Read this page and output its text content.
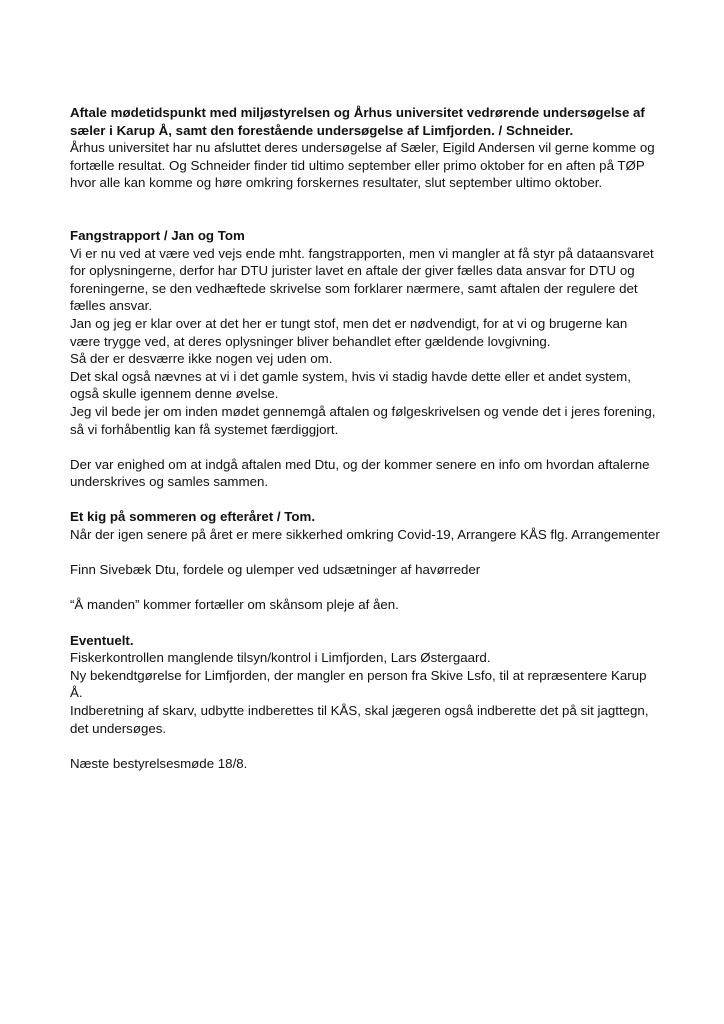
Aftale mødetidspunkt med miljøstyrelsen og Århus universitet vedrørende undersøgelse af sæler i Karup Å, samt den forestående undersøgelse af Limfjorden. / Schneider.

Århus universitet har nu afsluttet deres undersøgelse af Sæler, Eigild Andersen vil gerne komme og fortælle resultat. Og Schneider finder tid ultimo september eller primo oktober for en aften på TØP hvor alle kan komme og høre omkring forskernes resultater, slut september ultimo oktober.

Fangstrapport / Jan og Tom

Vi er nu ved at være ved vejs ende mht. fangstrapporten, men vi mangler at få styr på dataansvaret for oplysningerne, derfor har DTU jurister lavet en aftale der giver fælles data ansvar for DTU og foreningerne, se den vedhæftede skrivelse som forklarer nærmere, samt aftalen der regulere det fælles ansvar.

Jan og jeg er klar over at det her er tungt stof, men det er nødvendigt, for at vi og brugerne kan være trygge ved, at deres oplysninger bliver behandlet efter gældende lovgivning.

Så der er desværre ikke nogen vej uden om.

Det skal også nævnes at vi i det gamle system, hvis vi stadig havde dette eller et andet system, også skulle igennem denne øvelse.

Jeg vil bede jer om inden mødet gennemgå aftalen og følgeskrivelsen og vende det i jeres forening, så vi forhåbentlig kan få systemet færdiggjort.

Der var enighed om at indgå aftalen med Dtu, og der kommer senere en info om hvordan aftalerne underskrives og samles sammen.

Et kig på sommeren og efteråret / Tom.

Når der igen senere på året er mere sikkerhed omkring Covid-19, Arrangere KÅS flg. Arrangementer

Finn Sivebæk Dtu, fordele og ulemper ved udsætninger af havørreder

“Å manden” kommer fortæller om skånsom pleje af åen.

Eventuelt.

Fiskerkontrollen manglende tilsyn/kontrol i Limfjorden, Lars Østergaard.

Ny bekendtgørelse for Limfjorden, der mangler en person fra Skive Lsfo, til at repræsentere Karup Å.

Indberetning af skarv, udbytte indberettes til KÅS, skal jægeren også indberette det på sit jagttegn, det undersøges.

Næste bestyrelsesmøde 18/8.
